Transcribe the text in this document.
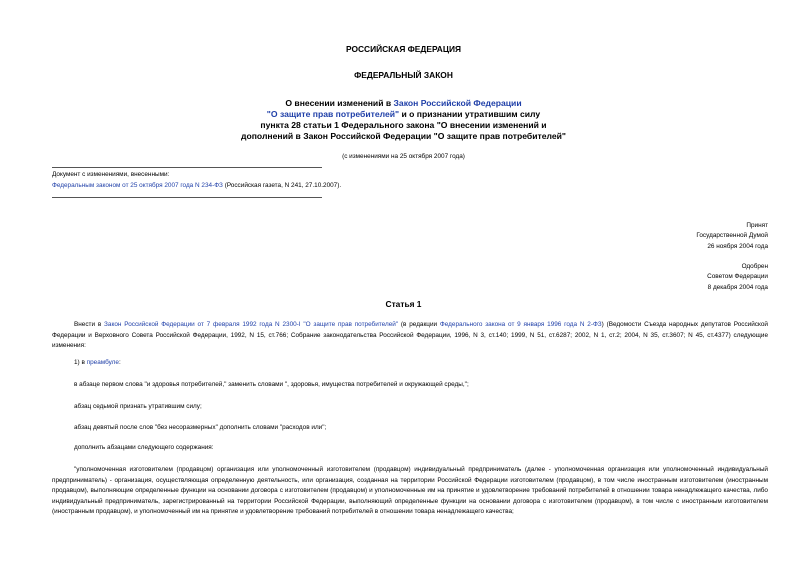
РОССИЙСКАЯ ФЕДЕРАЦИЯ
ФЕДЕРАЛЬНЫЙ ЗАКОН
О внесении изменений в Закон Российской Федерации
"О защите прав потребителей" и о признании утратившим силу
пункта 28 статьи 1 Федерального закона "О внесении изменений и
дополнений в Закон Российской Федерации "О защите прав потребителей"
(с изменениями на 25 октября 2007 года)
Документ с изменениями, внесенными:
Федеральным законом от 25 октября 2007 года N 234-ФЗ (Российская газета, N 241, 27.10.2007).
Принят
Государственной Думой
26 ноября 2004 года
Одобрен
Советом Федерации
8 декабря 2004 года
Статья 1
Внести в Закон Российской Федерации от 7 февраля 1992 года N 2300-I "О защите прав потребителей" (в редакции Федерального закона от 9 января 1996 года N 2-ФЗ) (Ведомости Съезда народных депутатов Российской Федерации и Верховного Совета Российской Федерации, 1992, N 15, ст.766; Собрание законодательства Российской Федерации, 1996, N 3, ст.140; 1999, N 51, ст.6287; 2002, N 1, ст.2; 2004, N 35, ст.3607; N 45, ст.4377) следующие изменения:
1) в преамбуле:
в абзаце первом слова "и здоровья потребителей," заменить словами ", здоровья, имущества потребителей и окружающей среды,";
абзац седьмой признать утратившим силу;
абзац девятый после слов "без несоразмерных" дополнить словами "расходов или";
дополнить абзацами следующего содержания:
"уполномоченная изготовителем (продавцом) организация или уполномоченный изготовителем (продавцом) индивидуальный предприниматель (далее - уполномоченная организация или уполномоченный индивидуальный предприниматель) - организация, осуществляющая определенную деятельность, или организация, созданная на территории Российской Федерации изготовителем (продавцом), в том числе иностранным изготовителем (иностранным продавцом), выполняющие определенные функции на основании договора с изготовителем (продавцом) и уполномоченные им на принятие и удовлетворение требований потребителей в отношении товара ненадлежащего качества, либо индивидуальный предприниматель, зарегистрированный на территории Российской Федерации, выполняющий определенные функции на основании договора с изготовителем (продавцом), в том числе с иностранным изготовителем (иностранным продавцом), и уполномоченный им на принятие и удовлетворение требований потребителей в отношении товара ненадлежащего качества;
